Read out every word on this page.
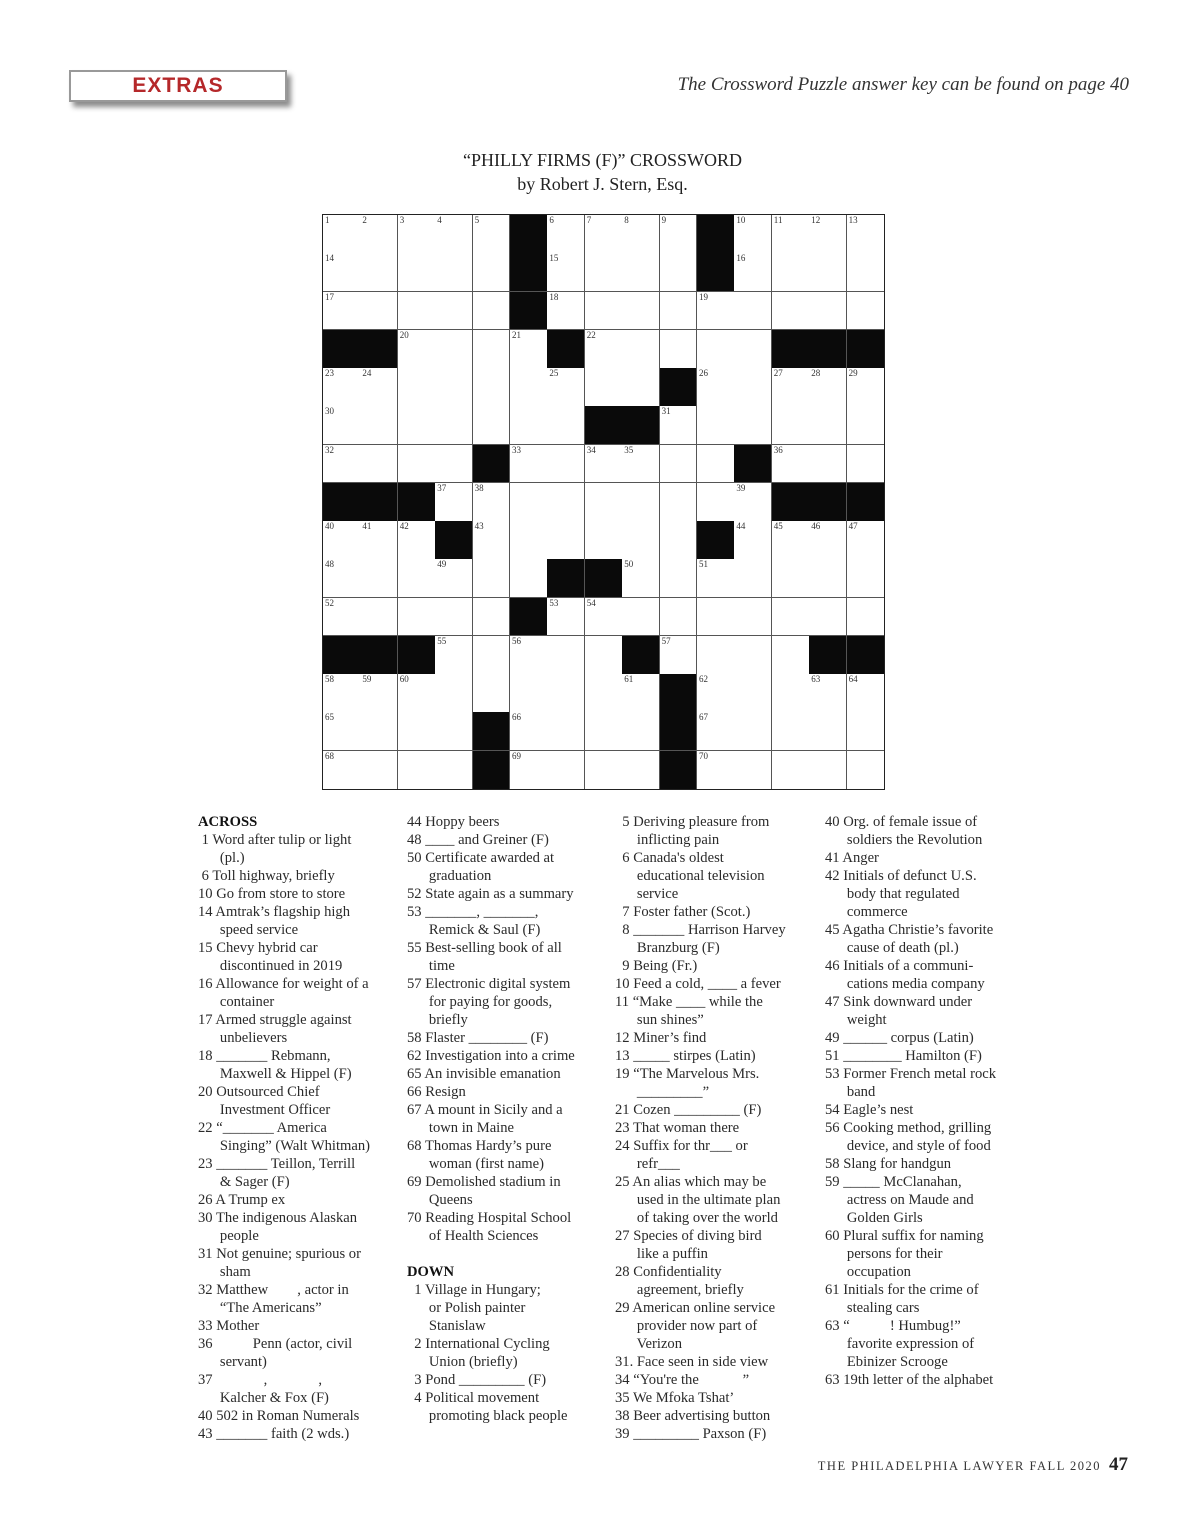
EXTRAS	The Crossword Puzzle answer key can be found on page 40
“PHILLY FIRMS (F)” CROSSWORD
by Robert J. Stern, Esq.
1	2	3	4	5	6	7	8	9	10	11	12	13
14	15	16
17	18	19
20	21	22
23	24	25	26	27	28	29
30	31
32	33	34	35	36
37	38	39
40	41	42	43	44	45	46	47
48	49	50	51
52	53	54
55	56	57
58	59	60	61	62	63	64
65	66	67
68	69	70
ACROSS
1 Word after tulip or light
(pl.)
6 Toll highway, briefly
10 Go from store to store
14 Amtrak’s flagship high
speed service
15 Chevy hybrid car
discontinued in 2019
16 Allowance for weight of a
container
17 Armed struggle against
unbelievers
18 _______ Rebmann,
Maxwell & Hippel (F)
20 Outsourced Chief
Investment Officer
22 “_______ America
Singing” (Walt Whitman)
23 _______ Teillon, Terrill
& Sager (F)
26 A Trump ex
30 The indigenous Alaskan
people
31 Not genuine; spurious or
sham
32 Matthew        , actor in
“The Americans”
33 Mother
36           Penn (actor, civil
servant)
37              ,              ,
Kalcher & Fox (F)
40 502 in Roman Numerals
43 _______ faith (2 wds.)
44 Hoppy beers
48 ____ and Greiner (F)
50 Certificate awarded at
graduation
52 State again as a summary
53 _______, _______,
Remick & Saul (F)
55 Best-selling book of all
time
57 Electronic digital system
for paying for goods,
briefly
58 Flaster ________ (F)
62 Investigation into a crime
65 An invisible emanation
66 Resign
67 A mount in Sicily and a
town in Maine
68 Thomas Hardy’s pure
woman (first name)
69 Demolished stadium in
Queens
70 Reading Hospital School
of Health Sciences

DOWN
1 Village in Hungary;
or Polish painter
Stanislaw
2 International Cycling
Union (briefly)
3 Pond _________ (F)
4 Political movement
promoting black people
5 Deriving pleasure from
inflicting pain
6 Canada's oldest
educational television
service
7 Foster father (Scot.)
8 _______ Harrison Harvey
Branzburg (F)
9 Being (Fr.)
10 Feed a cold, ____ a fever
11 “Make ____ while the
sun shines”
12 Miner’s find
13 _____ stirpes (Latin)
19 “The Marvelous Mrs.
_________”
21 Cozen _________ (F)
23 That woman there
24 Suffix for thr___ or
refr___
25 An alias which may be
used in the ultimate plan
of taking over the world
27 Species of diving bird
like a puffin
28 Confidentiality
agreement, briefly
29 American online service
provider now part of
Verizon
31. Face seen in side view
34 “You're the            ”
35 We Mfoka Tshat’
38 Beer advertising button
39 _________ Paxson (F)
40 Org. of female issue of
soldiers the Revolution
41 Anger
42 Initials of defunct U.S.
body that regulated
commerce
45 Agatha Christie’s favorite
cause of death (pl.)
46 Initials of a communi-
cations media company
47 Sink downward under
weight
49 ______ corpus (Latin)
51 ________ Hamilton (F)
53 Former French metal rock
band
54 Eagle’s nest
56 Cooking method, grilling
device, and style of food
58 Slang for handgun
59 _____ McClanahan,
actress on Maude and
Golden Girls
60 Plural suffix for naming
persons for their
occupation
61 Initials for the crime of
stealing cars
63 “           ! Humbug!”
favorite expression of
Ebinizer Scrooge
63 19th letter of the alphabet
THE PHILADELPHIA LAWYER FALL 2020 47
